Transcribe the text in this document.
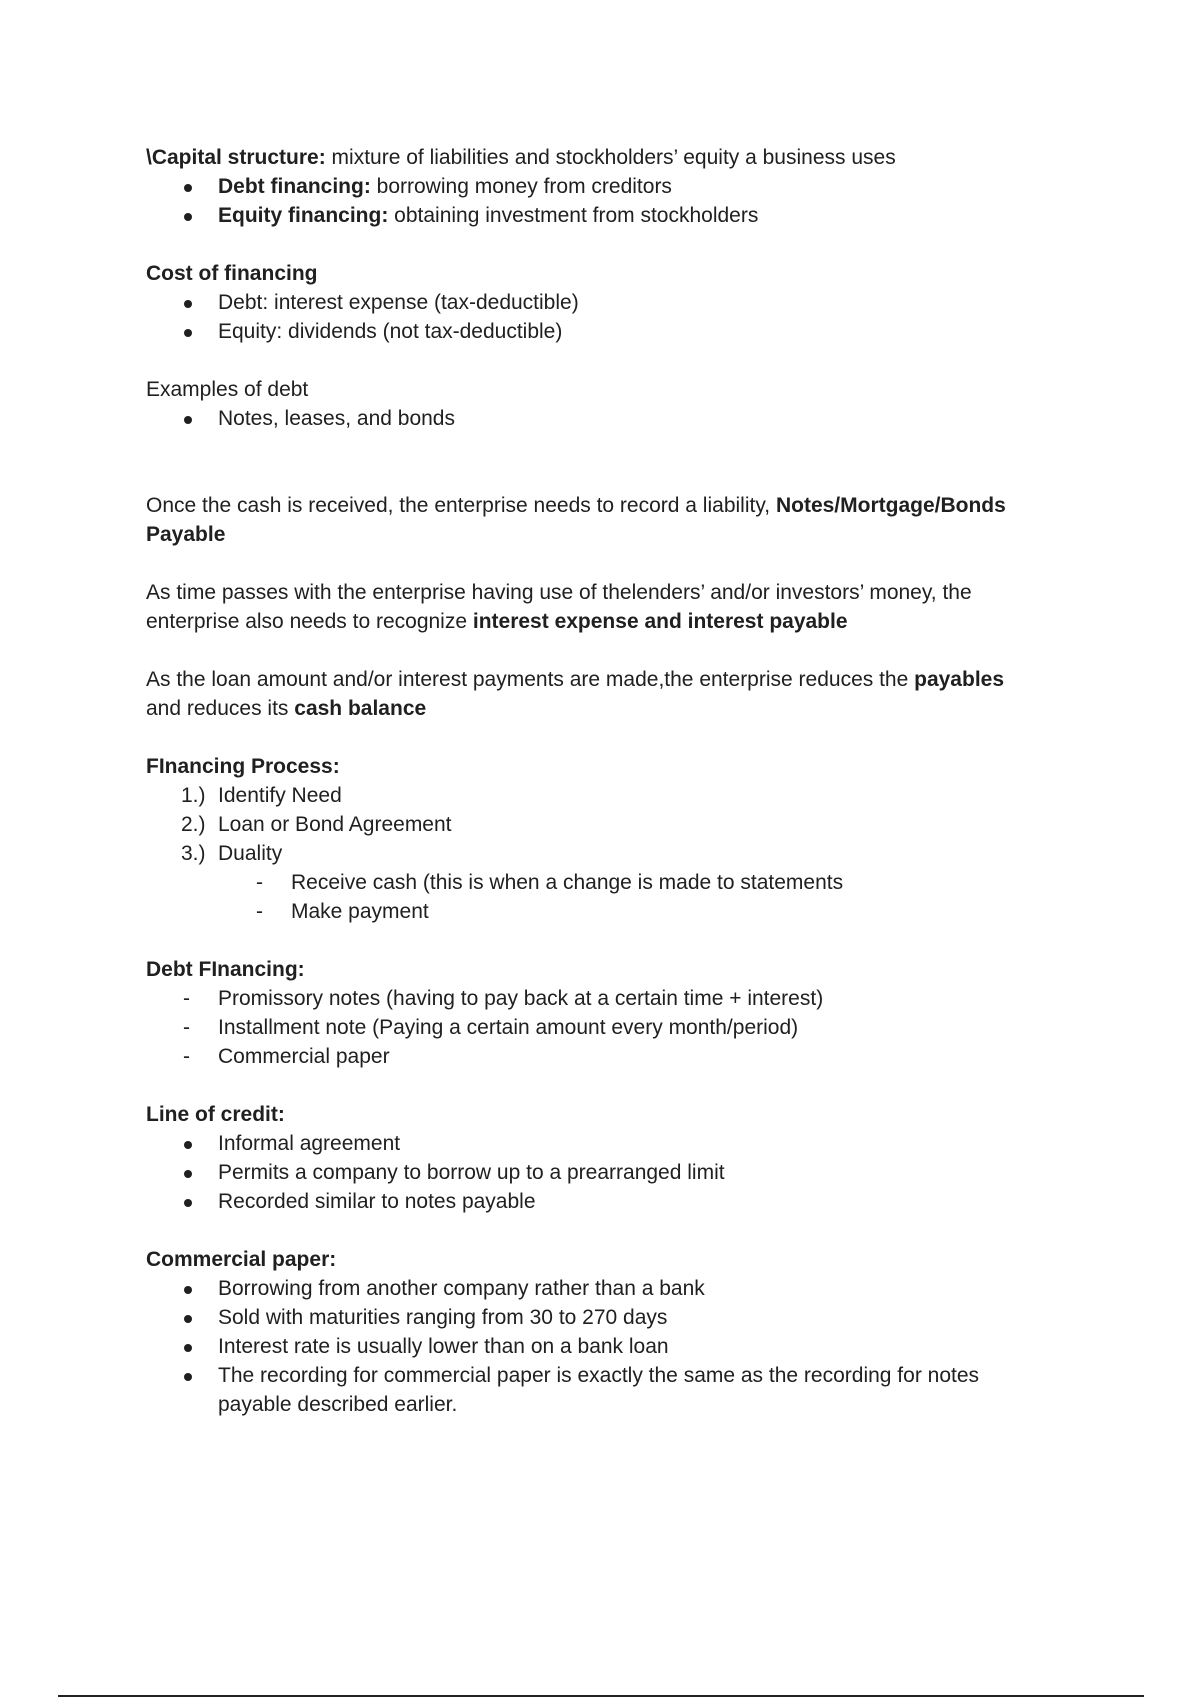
\Capital structure: mixture of liabilities and stockholders’ equity a business uses
Debt financing: borrowing money from creditors
Equity financing: obtaining investment from stockholders
Cost of financing
Debt: interest expense (tax-deductible)
Equity: dividends (not tax-deductible)
Examples of debt
Notes, leases, and bonds
Once the cash is received, the enterprise needs to record a liability, Notes/Mortgage/Bonds
Payable
As time passes with the enterprise having use of thelenders’ and/or investors’ money, the
enterprise also needs to recognize interest expense and interest payable
As the loan amount and/or interest payments are made,the enterprise reduces the payables
and reduces its cash balance
FInancing Process:
1.) Identify Need
2.) Loan or Bond Agreement
3.) Duality
- Receive cash (this is when a change is made to statements
- Make payment
Debt FInancing:
- Promissory notes (having to pay back at a certain time + interest)
- Installment note (Paying a certain amount every month/period)
- Commercial paper
Line of credit:
Informal agreement
Permits a company to borrow up to a prearranged limit
Recorded similar to notes payable
Commercial paper:
Borrowing from another company rather than a bank
Sold with maturities ranging from 30 to 270 days
Interest rate is usually lower than on a bank loan
The recording for commercial paper is exactly the same as the recording for notes
payable described earlier.
